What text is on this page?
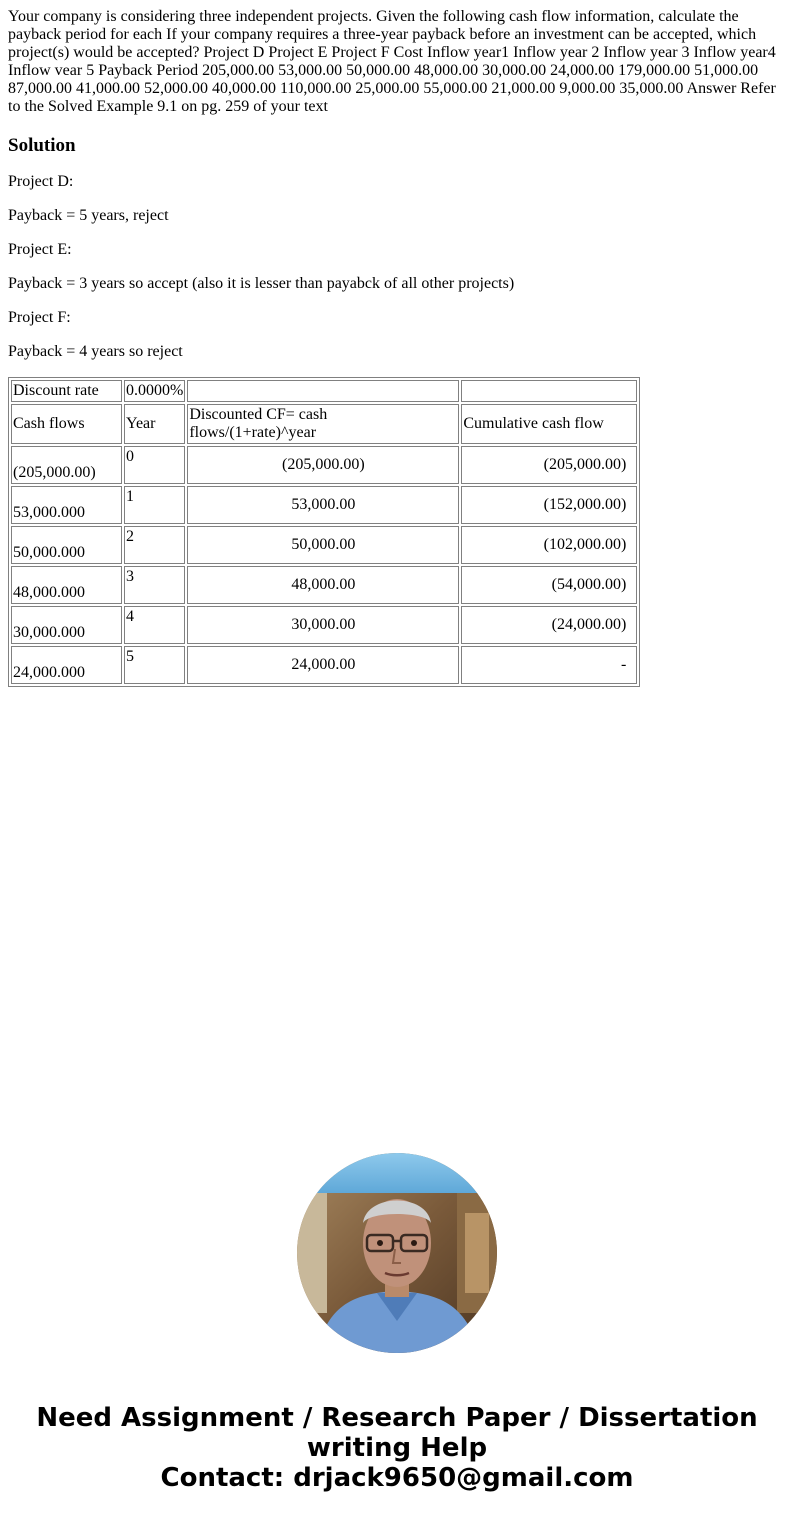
Your company is considering three independent projects. Given the following cash flow information, calculate the payback period for each If your company requires a three-year payback before an investment can be accepted, which project(s) would be accepted? Project D Project E Project F Cost Inflow year1 Inflow year 2 Inflow year 3 Inflow year4 Inflow vear 5 Payback Period 205,000.00 53,000.00 50,000.00 48,000.00 30,000.00 24,000.00 179,000.00 51,000.00 87,000.00 41,000.00 52,000.00 40,000.00 110,000.00 25,000.00 55,000.00 21,000.00 9,000.00 35,000.00 Answer Refer to the Solved Example 9.1 on pg. 259 of your text

Solution

Project D:

Payback = 5 years, reject

Project E:

Payback = 3 years so accept (also it is lesser than payabck of all other projects)

Project F:

Payback = 4 years so reject

Discount rate	0.0000%		
Cash flows	Year	Discounted CF= cash flows/(1+rate)^year	Cumulative cash flow
(205,000.00)	0	(205,000.00)	(205,000.00)
53,000.000	1	53,000.00	(152,000.00)
50,000.000	2	50,000.00	(102,000.00)
48,000.000	3	48,000.00	(54,000.00)
30,000.000	4	30,000.00	(24,000.00)
24,000.000	5	24,000.00	-
Need Assignment / Research Paper / Dissertation
writing Help
Contact: drjack9650@gmail.com
